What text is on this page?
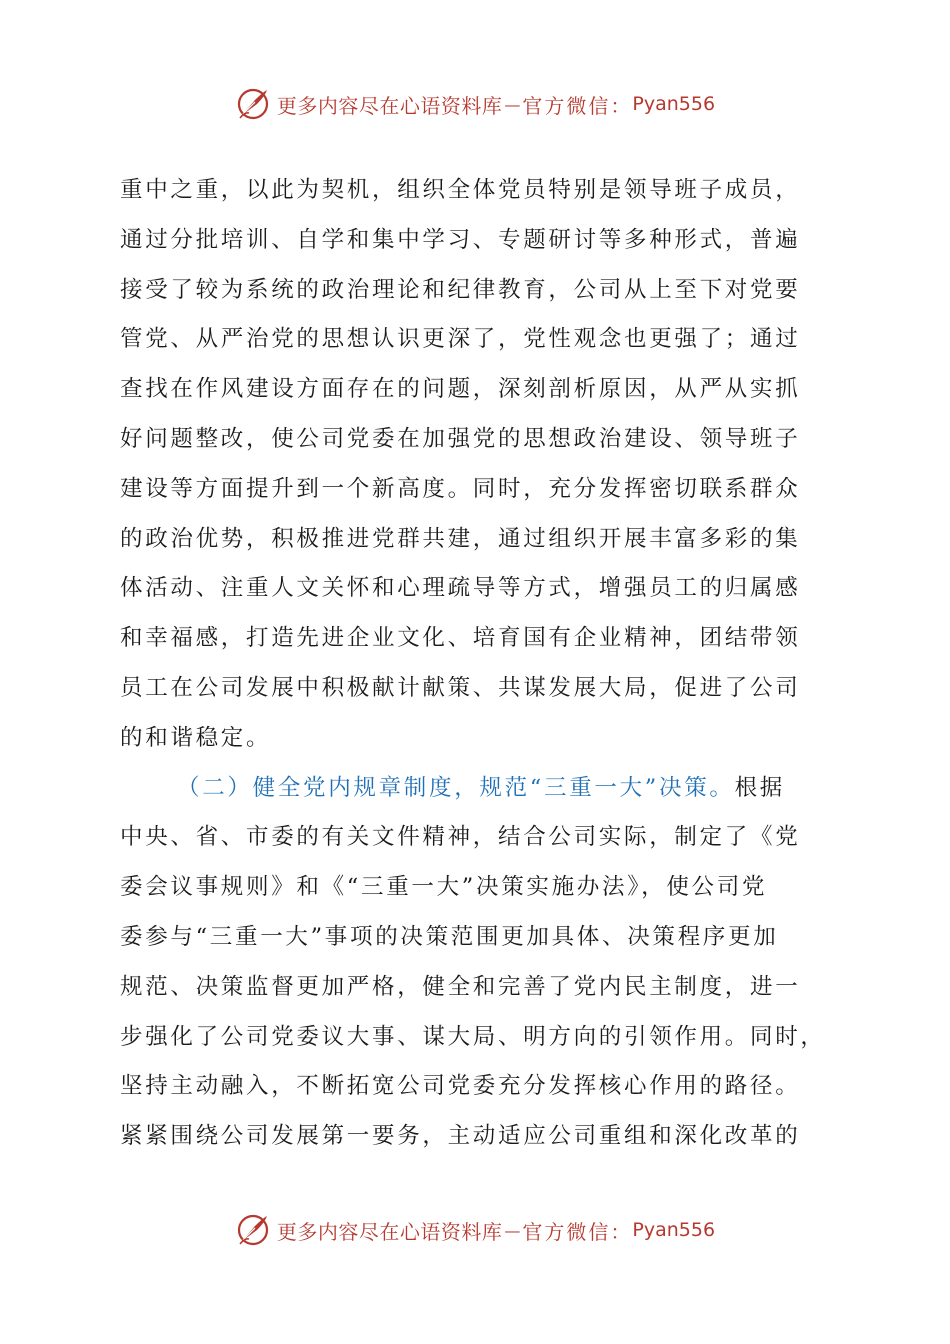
更多内容尽在心语资料库 — 官方微信： Pyan556
重中之重，以此为契机，组织全体党员特别是领导班子成员，
通过分批培训、自学和集中学习、专题研讨等多种形式，普遍
接受了较为系统的政治理论和纪律教育，公司从上至下对党要
管党、从严治党的思想认识更深了，党性观念也更强了；通过
查找在作风建设方面存在的问题，深刻剖析原因，从严从实抓
好问题整改，使公司党委在加强党的思想政治建设、领导班子
建设等方面提升到一个新高度。同时，充分发挥密切联系群众
的政治优势，积极推进党群共建，通过组织开展丰富多彩的集
体活动、注重人文关怀和心理疏导等方式，增强员工的归属感
和幸福感，打造先进企业文化、培育国有企业精神，团结带领
员工在公司发展中积极献计献策、共谋发展大局，促进了公司
的和谐稳定。
（二）健全党内规章制度，规范“三重一大”决策。根据
中央、省、市委的有关文件精神，结合公司实际，制定了《党
委会议事规则》和《“三重一大”决策实施办法》，使公司党
委参与“三重一大”事项的决策范围更加具体、决策程序更加
规范、决策监督更加严格，健全和完善了党内民主制度，进一
步强化了公司党委议大事、谋大局、明方向的引领作用。同时，
坚持主动融入，不断拓宽公司党委充分发挥核心作用的路径。
紧紧围绕公司发展第一要务，主动适应公司重组和深化改革的
更多内容尽在心语资料库 — 官方微信： Pyan556
